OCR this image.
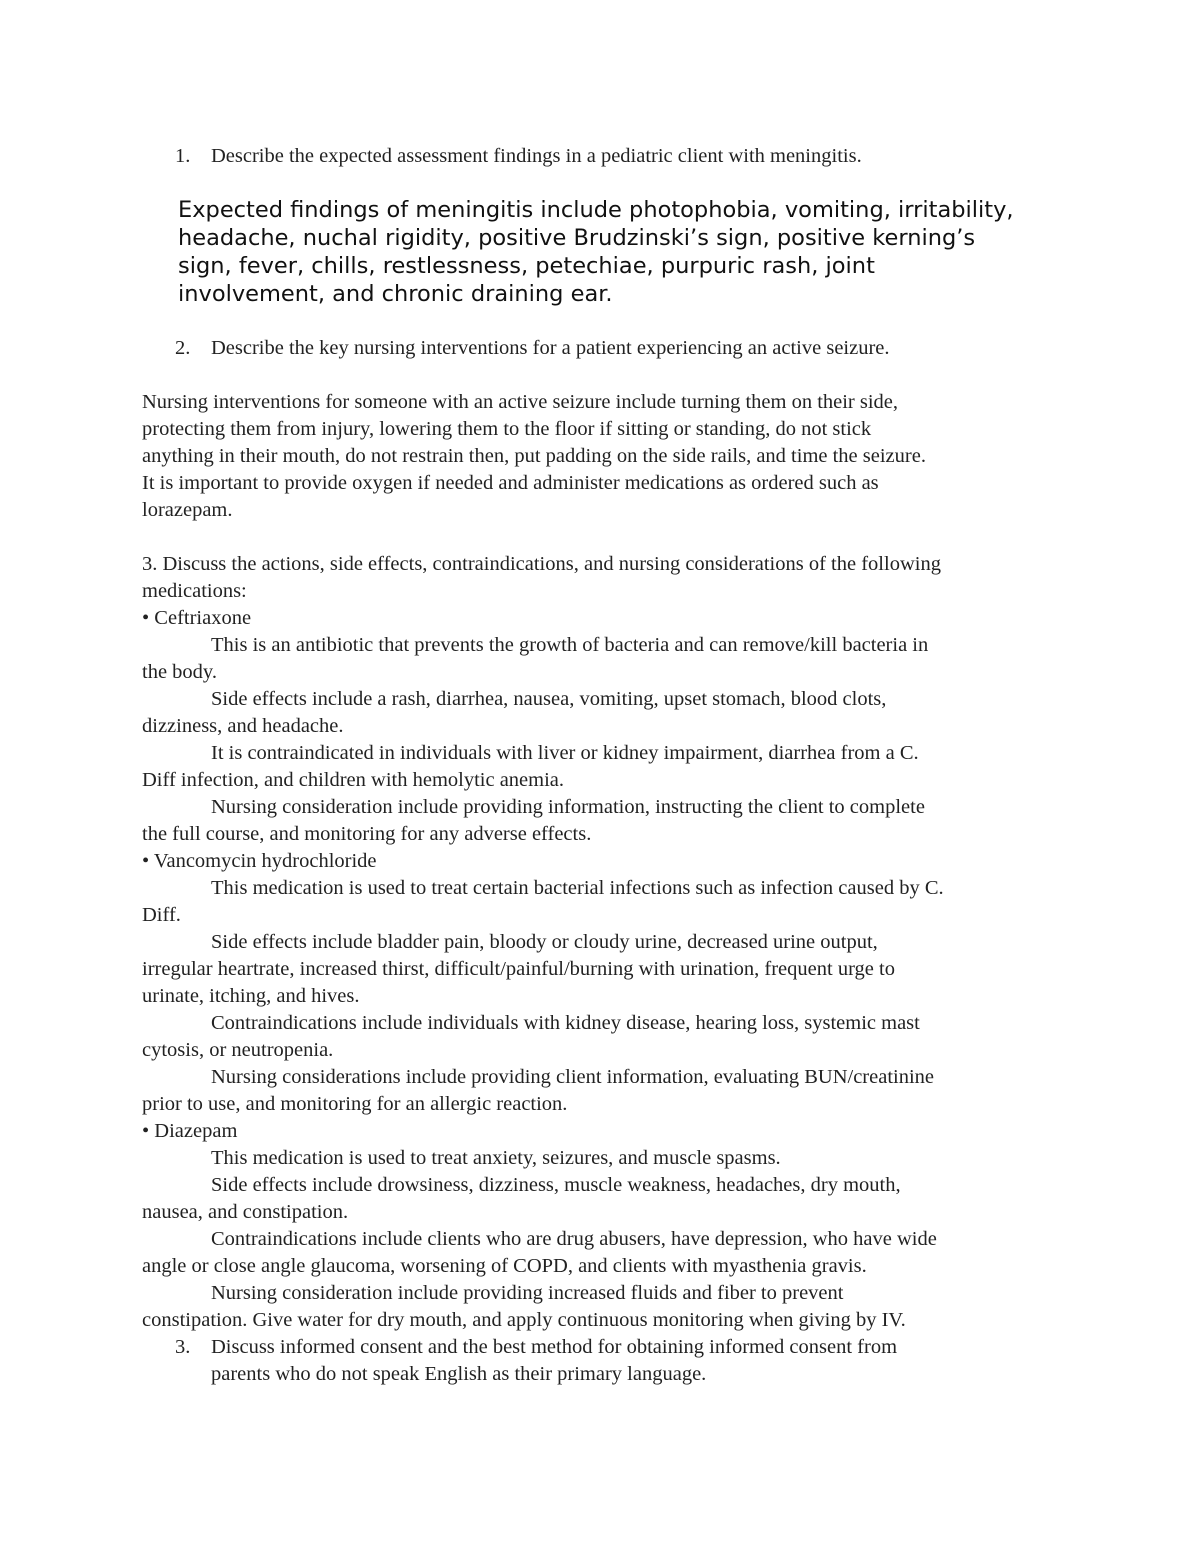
1. Describe the expected assessment findings in a pediatric client with meningitis.
Expected findings of meningitis include photophobia, vomiting, irritability,
headache, nuchal rigidity, positive Brudzinski’s sign, positive kerning’s
sign, fever, chills, restlessness, petechiae, purpuric rash, joint
involvement, and chronic draining ear.
2. Describe the key nursing interventions for a patient experiencing an active seizure.
Nursing interventions for someone with an active seizure include turning them on their side,
protecting them from injury, lowering them to the floor if sitting or standing, do not stick
anything in their mouth, do not restrain then, put padding on the side rails, and time the seizure.
It is important to provide oxygen if needed and administer medications as ordered such as
lorazepam.
3. Discuss the actions, side effects, contraindications, and nursing considerations of the following
medications:
• Ceftriaxone
This is an antibiotic that prevents the growth of bacteria and can remove/kill bacteria in
the body.
Side effects include a rash, diarrhea, nausea, vomiting, upset stomach, blood clots,
dizziness, and headache.
It is contraindicated in individuals with liver or kidney impairment, diarrhea from a C.
Diff infection, and children with hemolytic anemia.
Nursing consideration include providing information, instructing the client to complete
the full course, and monitoring for any adverse effects.
• Vancomycin hydrochloride
This medication is used to treat certain bacterial infections such as infection caused by C.
Diff.
Side effects include bladder pain, bloody or cloudy urine, decreased urine output,
irregular heartrate, increased thirst, difficult/painful/burning with urination, frequent urge to
urinate, itching, and hives.
Contraindications include individuals with kidney disease, hearing loss, systemic mast
cytosis, or neutropenia.
Nursing considerations include providing client information, evaluating BUN/creatinine
prior to use, and monitoring for an allergic reaction.
• Diazepam
This medication is used to treat anxiety, seizures, and muscle spasms.
Side effects include drowsiness, dizziness, muscle weakness, headaches, dry mouth,
nausea, and constipation.
Contraindications include clients who are drug abusers, have depression, who have wide
angle or close angle glaucoma, worsening of COPD, and clients with myasthenia gravis.
Nursing consideration include providing increased fluids and fiber to prevent
constipation. Give water for dry mouth, and apply continuous monitoring when giving by IV.
3. Discuss informed consent and the best method for obtaining informed consent from
parents who do not speak English as their primary language.
